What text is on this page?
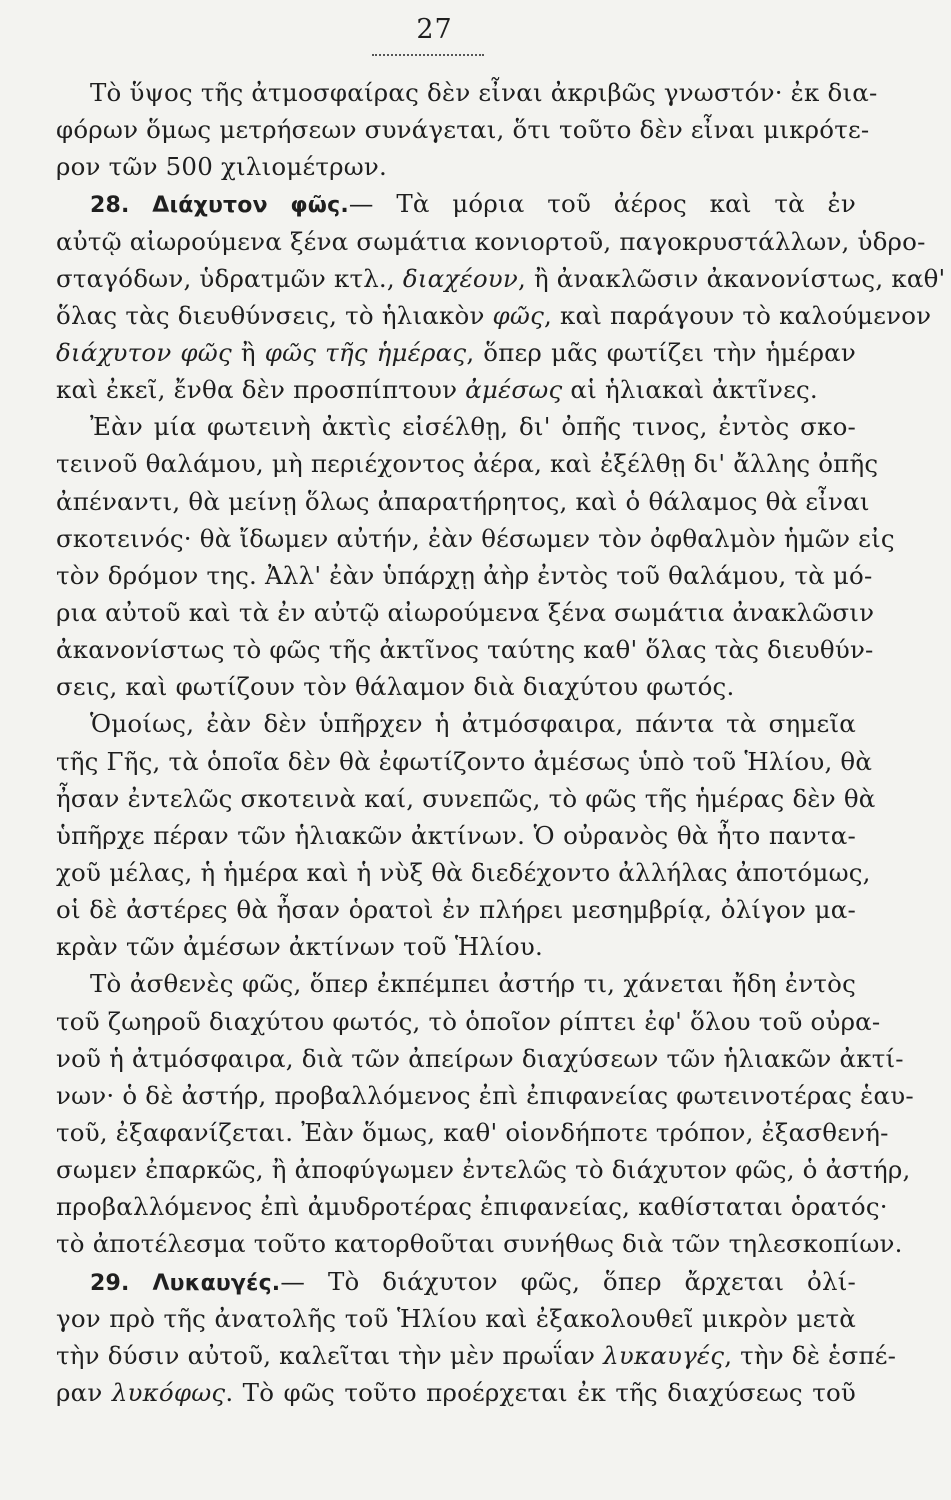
27
Τὸ ὕψος τῆς ἀτμοσφαίρας δὲν εἶναι ἀκριβῶς γνωστόν· ἐκ δια-
φόρων ὅμως μετρήσεων συνάγεται, ὅτι τοῦτο δὲν εἶναι μικρότε-
ρον τῶν 500 χιλιομέτρων.
28. Διάχυτον φῶς.— Τὰ μόρια τοῦ ἀέρος καὶ τὰ ἐν
αὐτῷ αἰωρούμενα ξένα σωμάτια κονιορτοῦ, παγοκρυστάλλων, ὑδρο-
σταγόδων, ὑδρατμῶν κτλ., διαχέουν, ἢ ἀνακλῶσιν ἀκανονίστως, καθ'
ὅλας τὰς διευθύνσεις, τὸ ἡλιακὸν φῶς, καὶ παράγουν τὸ καλούμενον
διάχυτον φῶς ἢ φῶς τῆς ἡμέρας, ὅπερ μᾶς φωτίζει τὴν ἡμέραν
καὶ ἐκεῖ, ἔνθα δὲν προσπίπτουν ἀμέσως αἱ ἡλιακαὶ ἀκτῖνες.
Ἐὰν μία φωτεινὴ ἀκτὶς εἰσέλθῃ, δι' ὀπῆς τινος, ἐντὸς σκο-
τεινοῦ θαλάμου, μὴ περιέχοντος ἀέρα, καὶ ἐξέλθῃ δι' ἄλλης ὀπῆς
ἀπέναντι, θὰ μείνῃ ὅλως ἀπαρατήρητος, καὶ ὁ θάλαμος θὰ εἶναι
σκοτεινός· θὰ ἴδωμεν αὐτήν, ἐὰν θέσωμεν τὸν ὀφθαλμὸν ἡμῶν εἰς
τὸν δρόμον της. Ἀλλ' ἐὰν ὑπάρχῃ ἀὴρ ἐντὸς τοῦ θαλάμου, τὰ μό-
ρια αὐτοῦ καὶ τὰ ἐν αὐτῷ αἰωρούμενα ξένα σωμάτια ἀνακλῶσιν
ἀκανονίστως τὸ φῶς τῆς ἀκτῖνος ταύτης καθ' ὅλας τὰς διευθύν-
σεις, καὶ φωτίζουν τὸν θάλαμον διὰ διαχύτου φωτός.
Ὁμοίως, ἐὰν δὲν ὑπῆρχεν ἡ ἀτμόσφαιρα, πάντα τὰ σημεῖα
τῆς Γῆς, τὰ ὁποῖα δὲν θὰ ἐφωτίζοντο ἀμέσως ὑπὸ τοῦ Ἡλίου, θὰ
ἦσαν ἐντελῶς σκοτεινὰ καί, συνεπῶς, τὸ φῶς τῆς ἡμέρας δὲν θὰ
ὑπῆρχε πέραν τῶν ἡλιακῶν ἀκτίνων. Ὁ οὐρανὸς θὰ ἦτο παντα-
χοῦ μέλας, ἡ ἡμέρα καὶ ἡ νὺξ θὰ διεδέχοντο ἀλλήλας ἀποτόμως,
οἱ δὲ ἀστέρες θὰ ἦσαν ὁρατοὶ ἐν πλήρει μεσημβρίᾳ, ὀλίγον μα-
κρὰν τῶν ἀμέσων ἀκτίνων τοῦ Ἡλίου.
Τὸ ἀσθενὲς φῶς, ὅπερ ἐκπέμπει ἀστήρ τι, χάνεται ἤδη ἐντὸς
τοῦ ζωηροῦ διαχύτου φωτός, τὸ ὁποῖον ρίπτει ἐφ' ὅλου τοῦ οὐρα-
νοῦ ἡ ἀτμόσφαιρα, διὰ τῶν ἀπείρων διαχύσεων τῶν ἡλιακῶν ἀκτί-
νων· ὁ δὲ ἀστήρ, προβαλλόμενος ἐπὶ ἐπιφανείας φωτεινοτέρας ἑαυ-
τοῦ, ἐξαφανίζεται. Ἐὰν ὅμως, καθ' οἱονδήποτε τρόπον, ἐξασθενή-
σωμεν ἐπαρκῶς, ἢ ἀποφύγωμεν ἐντελῶς τὸ διάχυτον φῶς, ὁ ἀστήρ,
προβαλλόμενος ἐπὶ ἀμυδροτέρας ἐπιφανείας, καθίσταται ὁρατός·
τὸ ἀποτέλεσμα τοῦτο κατορθοῦται συνήθως διὰ τῶν τηλεσκοπίων.
29. Λυκαυγές.— Τὸ διάχυτον φῶς, ὅπερ ἄρχεται ὀλί-
γον πρὸ τῆς ἀνατολῆς τοῦ Ἡλίου καὶ ἐξακολουθεῖ μικρὸν μετὰ
τὴν δύσιν αὐτοῦ, καλεῖται τὴν μὲν πρωΐαν λυκαυγές, τὴν δὲ ἑσπέ-
ραν λυκόφως. Τὸ φῶς τοῦτο προέρχεται ἐκ τῆς διαχύσεως τοῦ
